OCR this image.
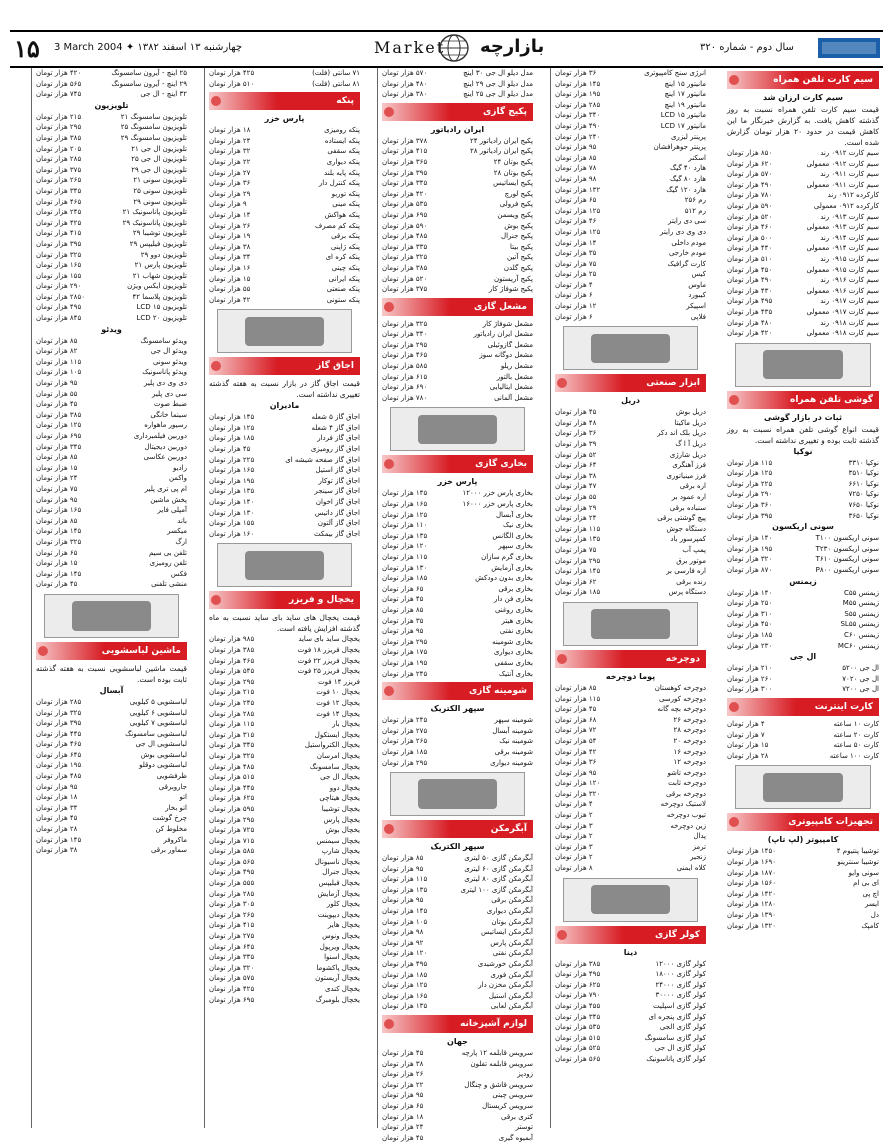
۱۵ 3 March 2004 ✦ چهارشنبه ۱۳ اسفند ۱۳۸۲	Market بازارچه	سال دوم - شماره ۳۲۰
سیم کارت تلفن همراه
سیم کارت ارزان شد
قیمت سیم کارت تلفن همراه نسبت به روز گذشته کاهش یافت. به گزارش خبرنگار ما این کاهش قیمت در حدود ۲۰ هزار تومان گزارش شده است.
سیم کارت ۰۹۱۲ رند
۸۵۰ هزار تومان
سیم کارت ۰۹۱۲ معمولی
۶۲۰ هزار تومان
سیم کارت ۰۹۱۱ رند
۵۷۰ هزار تومان
سیم کارت ۰۹۱۱ معمولی
۴۹۰ هزار تومان
کارکرده ۰۹۱۲ رند
۷۸۰ هزار تومان
کارکرده ۰۹۱۲ معمولی
۵۹۰ هزار تومان
سیم کارت ۰۹۱۳ رند
۵۲۰ هزار تومان
سیم کارت ۰۹۱۳ معمولی
۴۶۰ هزار تومان
سیم کارت ۰۹۱۴ رند
۵۰۰ هزار تومان
سیم کارت ۰۹۱۴ معمولی
۴۴۰ هزار تومان
سیم کارت ۰۹۱۵ رند
۵۱۰ هزار تومان
سیم کارت ۰۹۱۵ معمولی
۴۵۰ هزار تومان
سیم کارت ۰۹۱۶ رند
۴۹۰ هزار تومان
سیم کارت ۰۹۱۶ معمولی
۴۳۰ هزار تومان
سیم کارت ۰۹۱۷ رند
۴۹۵ هزار تومان
سیم کارت ۰۹۱۷ معمولی
۴۳۵ هزار تومان
سیم کارت ۰۹۱۸ رند
۴۸۰ هزار تومان
سیم کارت ۰۹۱۸ معمولی
۴۲۰ هزار تومان
گوشی تلفن همراه
ثبات در بازار گوشی
قیمت انواع گوشی تلفن همراه نسبت به روز گذشته ثابت بوده و تغییری نداشته است.
نوکیا
نوکیا ۳۳۱۰
۱۱۵ هزار تومان
نوکیا ۳۵۱۰
۱۲۵ هزار تومان
نوکیا ۶۶۱۰
۲۲۵ هزار تومان
نوکیا ۷۲۵۰
۲۹۰ هزار تومان
نوکیا ۷۶۵۰
۳۶۰ هزار تومان
نوکیا ۳۶۵۰
۳۹۵ هزار تومان
سونی اریکسون
سونی اریکسون T۱۰۰
۱۴۰ هزار تومان
سونی اریکسون T۲۳۰
۱۹۵ هزار تومان
سونی اریکسون T۶۱۰
۳۲۰ هزار تومان
سونی اریکسون P۸۰۰
۸۷۰ هزار تومان
زیمنس
زیمنس C۵۵
۱۴۰ هزار تومان
زیمنس M۵۵
۲۵۰ هزار تومان
زیمنس S۵۵
۳۱۰ هزار تومان
زیمنس SL۵۵
۴۵۰ هزار تومان
زیمنس C۶۰
۱۸۵ هزار تومان
زیمنس MC۶۰
۲۳۰ هزار تومان
ال جی
ال جی ۵۲۰۰
۲۱۰ هزار تومان
ال جی ۷۰۲۰
۲۶۰ هزار تومان
ال جی ۷۲۰۰
۳۰۰ هزار تومان
کارت اینترنت
کارت ۱۰ ساعته
۴ هزار تومان
کارت ۲۰ ساعته
۷ هزار تومان
کارت ۵۰ ساعته
۱۵ هزار تومان
کارت ۱۰۰ ساعته
۲۸ هزار تومان
تجهیزات کامپیوتری
کامپیوتر (لپ تاپ)
توشیبا پنتیوم ۴
۱۴۵۰ هزار تومان
توشیبا سنترینو
۱۶۹۰ هزار تومان
سونی وایو
۱۸۷۰ هزار تومان
ای بی ام
۱۵۶۰ هزار تومان
اچ پی
۱۴۲۰ هزار تومان
ایسر
۱۲۸۰ هزار تومان
دل
۱۳۹۰ هزار تومان
کامپک
۱۳۲۰ هزار تومان
انرژی سنج کامپیوتری
۳۶ هزار تومان
مانیتور ۱۵ اینچ
۱۴۵ هزار تومان
مانیتور ۱۷ اینچ
۱۹۵ هزار تومان
مانیتور ۱۹ اینچ
۲۸۵ هزار تومان
مانیتور LCD ۱۵
۳۴۰ هزار تومان
مانیتور LCD ۱۷
۴۹۰ هزار تومان
پرینتر لیزری
۲۴۰ هزار تومان
پرینتر جوهرافشان
۹۵ هزار تومان
اسکنر
۸۵ هزار تومان
هارد ۴۰ گیگ
۷۸ هزار تومان
هارد ۸۰ گیگ
۹۸ هزار تومان
هارد ۱۲۰ گیگ
۱۳۲ هزار تومان
رم ۲۵۶
۶۵ هزار تومان
رم ۵۱۲
۱۲۵ هزار تومان
سی دی رایتر
۴۶ هزار تومان
دی وی دی رایتر
۱۲۵ هزار تومان
مودم داخلی
۱۴ هزار تومان
مودم خارجی
۳۵ هزار تومان
کارت گرافیک
۷۵ هزار تومان
کیس
۲۵ هزار تومان
ماوس
۴ هزار تومان
کیبورد
۶ هزار تومان
اسپیکر
۱۲ هزار تومان
فلاپی
۶ هزار تومان
ابزار صنعتی
دریل
دریل بوش
۴۵ هزار تومان
دریل ماکیتا
۴۸ هزار تومان
دریل بلک اند دکر
۳۶ هزار تومان
دریل آ ا گ
۳۹ هزار تومان
دریل شارژی
۵۲ هزار تومان
فرز آهنگری
۶۴ هزار تومان
فرز مینیاتوری
۳۸ هزار تومان
اره برقی
۴۷ هزار تومان
اره عمود بر
۵۵ هزار تومان
سنباده برقی
۲۹ هزار تومان
پیچ گوشتی برقی
۲۴ هزار تومان
دستگاه جوش
۱۱۵ هزار تومان
کمپرسور باد
۱۳۵ هزار تومان
پمپ آب
۷۵ هزار تومان
موتور برق
۲۹۵ هزار تومان
اره فارسی بر
۱۴۵ هزار تومان
رنده برقی
۶۲ هزار تومان
دستگاه پرس
۱۸۵ هزار تومان
دوچرخه
پوما دوچرخه
دوچرخه کوهستان
۸۵ هزار تومان
دوچرخه کورسی
۱۱۵ هزار تومان
دوچرخه بچه گانه
۴۵ هزار تومان
دوچرخه ۲۶
۶۸ هزار تومان
دوچرخه ۲۸
۷۲ هزار تومان
دوچرخه ۲۰
۵۴ هزار تومان
دوچرخه ۱۶
۴۲ هزار تومان
دوچرخه ۱۲
۳۶ هزار تومان
دوچرخه تاشو
۹۵ هزار تومان
دوچرخه ثابت
۱۲۰ هزار تومان
دوچرخه برقی
۳۲۰ هزار تومان
لاستیک دوچرخه
۴ هزار تومان
تیوب دوچرخه
۲ هزار تومان
زین دوچرخه
۳ هزار تومان
پدال
۲ هزار تومان
ترمز
۳ هزار تومان
زنجیر
۲ هزار تومان
کلاه ایمنی
۸ هزار تومان
کولر گازی
دینا
کولر گازی ۱۲۰۰۰
۳۸۵ هزار تومان
کولر گازی ۱۸۰۰۰
۴۹۵ هزار تومان
کولر گازی ۲۴۰۰۰
۶۲۵ هزار تومان
کولر گازی ۳۰۰۰۰
۷۹۰ هزار تومان
کولر گازی اسپلیت
۴۵۵ هزار تومان
کولر گازی پنجره ای
۳۴۵ هزار تومان
کولر گازی الجی
۵۳۵ هزار تومان
کولر گازی سامسونگ
۵۱۵ هزار تومان
کولر گازی ال جی
۵۲۵ هزار تومان
کولر گازی پاناسونیک
۵۶۵ هزار تومان
مدل دیلو ال جی ۳۰ اینچ
۵۷۰ هزار تومان
مدل دیلو ال جی ۲۹ اینچ
۴۸۰ هزار تومان
مدل دیلو ال جی ۲۵ اینچ
۳۸۰ هزار تومان
پکیج گازی
ایران رادیاتور
پکیج ایران رادیاتور ۲۴
۳۷۸ هزار تومان
پکیج ایران رادیاتور ۲۸
۴۱۵ هزار تومان
پکیج بوتان ۲۴
۳۶۵ هزار تومان
پکیج بوتان ۲۸
۳۹۵ هزار تومان
پکیج ایساتیس
۳۴۵ هزار تومان
پکیج لورچ
۴۲۰ هزار تومان
پکیج فرولی
۵۳۵ هزار تومان
پکیج ویسمن
۶۹۵ هزار تومان
پکیج بوش
۵۹۰ هزار تومان
پکیج جنرال
۴۸۵ هزار تومان
پکیج بیتا
۳۳۵ هزار تومان
پکیج آتین
۳۲۵ هزار تومان
پکیج گلدن
۳۸۵ هزار تومان
پکیج آریستون
۵۲۰ هزار تومان
پکیج شوفاژ کار
۳۷۵ هزار تومان
مشعل گازی
مشعل شوفاژ کار
۳۲۵ هزار تومان
مشعل ایران رادیاتور
۳۴۰ هزار تومان
مشعل گازوئیلی
۲۹۵ هزار تومان
مشعل دوگانه سوز
۴۶۵ هزار تومان
مشعل ریلو
۵۸۵ هزار تومان
مشعل بالتور
۶۱۵ هزار تومان
مشعل ایتالیایی
۶۹۰ هزار تومان
مشعل آلمانی
۷۸۰ هزار تومان
بخاری گازی
پارس خزر
بخاری پارس خزر ۱۲۰۰۰
۱۴۵ هزار تومان
بخاری پارس خزر ۱۶۰۰۰
۱۶۵ هزار تومان
بخاری آبسال
۱۲۵ هزار تومان
بخاری نیک
۱۱۰ هزار تومان
بخاری الگانس
۱۳۵ هزار تومان
بخاری سپهر
۱۲۰ هزار تومان
بخاری گرم سازان
۱۱۵ هزار تومان
بخاری آزمایش
۱۳۰ هزار تومان
بخاری بدون دودکش
۱۸۵ هزار تومان
بخاری برقی
۶۵ هزار تومان
بخاری فن دار
۴۵ هزار تومان
بخاری روغنی
۸۵ هزار تومان
بخاری هیتر
۳۵ هزار تومان
بخاری نفتی
۹۵ هزار تومان
بخاری شومینه
۲۹۵ هزار تومان
بخاری دیواری
۱۷۵ هزار تومان
بخاری سقفی
۱۹۵ هزار تومان
بخاری آنتیک
۲۴۵ هزار تومان
شومینه گازی
سپهر الکتریک
شومینه سپهر
۲۴۵ هزار تومان
شومینه آبسال
۲۷۵ هزار تومان
شومینه نیک
۲۶۵ هزار تومان
شومینه برقی
۱۸۵ هزار تومان
شومینه دیواری
۲۹۵ هزار تومان
آبگرمکن
سپهر الکتریک
آبگرمکن گازی ۵۰ لیتری
۸۵ هزار تومان
آبگرمکن گازی ۶۰ لیتری
۹۵ هزار تومان
آبگرمکن گازی ۸۰ لیتری
۱۱۵ هزار تومان
آبگرمکن گازی ۱۰۰ لیتری
۱۳۵ هزار تومان
آبگرمکن برقی
۹۵ هزار تومان
آبگرمکن دیواری
۱۴۵ هزار تومان
آبگرمکن بوتان
۱۰۵ هزار تومان
آبگرمکن ایساتیس
۹۸ هزار تومان
آبگرمکن پارس
۹۲ هزار تومان
آبگرمکن نفتی
۱۲۰ هزار تومان
آبگرمکن خورشیدی
۴۹۵ هزار تومان
آبگرمکن فوری
۱۸۵ هزار تومان
آبگرمکن مخزن دار
۱۲۵ هزار تومان
آبگرمکن استیل
۱۶۵ هزار تومان
آبگرمکن لعابی
۱۳۵ هزار تومان
لوازم آشپزخانه
جهان
سرویس قابلمه ۱۲ پارچه
۴۵ هزار تومان
سرویس قابلمه تفلون
۳۸ هزار تومان
زودپز
۲۶ هزار تومان
سرویس قاشق و چنگال
۲۲ هزار تومان
سرویس چینی
۹۵ هزار تومان
سرویس کریستال
۶۵ هزار تومان
کتری برقی
۱۸ هزار تومان
توستر
۲۴ هزار تومان
آبمیوه گیری
۴۵ هزار تومان
۷۱ سانتی (فلت)
۴۲۵ هزار تومان
۸۱ سانتی (فلت)
۵۱۰ هزار تومان
پنکه
پارس خزر
پنکه رومیزی
۱۸ هزار تومان
پنکه ایستاده
۲۴ هزار تومان
پنکه سقفی
۳۲ هزار تومان
پنکه دیواری
۲۲ هزار تومان
پنکه پایه بلند
۲۷ هزار تومان
پنکه کنترل دار
۳۶ هزار تومان
پنکه توربو
۲۹ هزار تومان
پنکه مینی
۹ هزار تومان
پنکه هواکش
۱۴ هزار تومان
پنکه کم مصرف
۲۶ هزار تومان
پنکه برقی
۱۹ هزار تومان
پنکه ژاپنی
۳۸ هزار تومان
پنکه کره ای
۳۴ هزار تومان
پنکه چینی
۱۶ هزار تومان
پنکه ایرانی
۱۵ هزار تومان
پنکه صنعتی
۵۵ هزار تومان
پنکه ستونی
۴۲ هزار تومان
اجاق گاز
قیمت اجاق گاز در بازار نسبت به هفته گذشته تغییری نداشته است.
مادیران
اجاق گاز ۵ شعله
۱۴۵ هزار تومان
اجاق گاز ۴ شعله
۱۲۵ هزار تومان
اجاق گاز فردار
۱۸۵ هزار تومان
اجاق گاز رومیزی
۴۵ هزار تومان
اجاق گاز صفحه شیشه ای
۲۲۵ هزار تومان
اجاق گاز استیل
۱۶۵ هزار تومان
اجاق گاز توکار
۱۹۵ هزار تومان
اجاق گاز سینجر
۱۳۵ هزار تومان
اجاق گاز اخوان
۱۴۰ هزار تومان
اجاق گاز داتیس
۱۳۰ هزار تومان
اجاق گاز آلتون
۱۵۵ هزار تومان
اجاق گاز بیمکث
۱۶۰ هزار تومان
یخچال و فریزر
قیمت یخچال های ساید بای ساید نسبت به ماه گذشته افزایش یافته است.
یخچال ساید بای ساید
۹۸۵ هزار تومان
یخچال فریزر ۱۸ فوت
۳۸۵ هزار تومان
یخچال فریزر ۲۲ فوت
۴۶۵ هزار تومان
یخچال فریزر ۲۵ فوت
۵۴۵ هزار تومان
فریزر ۱۴ فوت
۲۹۵ هزار تومان
یخچال ۱۰ فوت
۲۱۵ هزار تومان
یخچال ۱۲ فوت
۲۴۵ هزار تومان
یخچال ۱۴ فوت
۲۸۵ هزار تومان
یخچال بار
۱۱۵ هزار تومان
یخچال ایستکول
۳۱۵ هزار تومان
یخچال الکترواستیل
۳۴۵ هزار تومان
یخچال امرسان
۳۲۵ هزار تومان
یخچال سامسونگ
۴۸۵ هزار تومان
یخچال ال جی
۵۱۵ هزار تومان
یخچال دوو
۴۴۵ هزار تومان
یخچال هیتاچی
۶۲۵ هزار تومان
یخچال توشیبا
۵۹۵ هزار تومان
یخچال پارس
۲۹۵ هزار تومان
یخچال بوش
۷۲۵ هزار تومان
یخچال سیمنس
۷۱۵ هزار تومان
یخچال شارپ
۵۸۵ هزار تومان
یخچال ناسیونال
۵۶۵ هزار تومان
یخچال جنرال
۴۹۵ هزار تومان
یخچال فیلیپس
۵۵۵ هزار تومان
یخچال آزمایش
۲۸۵ هزار تومان
یخچال کلور
۳۰۵ هزار تومان
یخچال دیپوینت
۲۶۵ هزار تومان
یخچال هایر
۴۱۵ هزار تومان
یخچال ونوس
۲۷۵ هزار تومان
یخچال ویرپول
۶۴۵ هزار تومان
یخچال اسنوا
۳۳۵ هزار تومان
یخچال پاکشوما
۳۲۰ هزار تومان
یخچال آریستون
۵۷۵ هزار تومان
یخچال کندی
۴۲۵ هزار تومان
یخچال بلومبرگ
۶۹۵ هزار تومان
۲۵ اینچ - آیرون سامسونگ
۴۲۰ هزار تومان
۲۹ اینچ - آیرون سامسونگ
۵۶۵ هزار تومان
۳۲ اینچ - ال جی
۷۴۵ هزار تومان
تلویزیون
تلویزیون سامسونگ ۲۱
۲۱۵ هزار تومان
تلویزیون سامسونگ ۲۵
۲۹۵ هزار تومان
تلویزیون سامسونگ ۲۹
۳۸۵ هزار تومان
تلویزیون ال جی ۲۱
۲۰۵ هزار تومان
تلویزیون ال جی ۲۵
۲۸۵ هزار تومان
تلویزیون ال جی ۲۹
۳۷۵ هزار تومان
تلویزیون سونی ۲۱
۲۶۵ هزار تومان
تلویزیون سونی ۲۵
۳۴۵ هزار تومان
تلویزیون سونی ۲۹
۴۶۵ هزار تومان
تلویزیون پاناسونیک ۲۱
۲۴۵ هزار تومان
تلویزیون پاناسونیک ۲۹
۴۲۵ هزار تومان
تلویزیون توشیبا ۲۹
۴۱۵ هزار تومان
تلویزیون فیلیپس ۲۹
۳۹۵ هزار تومان
تلویزیون دوو ۲۹
۳۲۵ هزار تومان
تلویزیون پارس ۲۱
۱۶۵ هزار تومان
تلویزیون شهاب ۲۱
۱۵۵ هزار تومان
تلویزیون ایکس ویژن
۲۹۰ هزار تومان
تلویزیون پلاسما ۴۲
۲۸۵۰ هزار تومان
تلویزیون LCD ۱۵
۴۹۵ هزار تومان
تلویزیون LCD ۲۰
۸۴۵ هزار تومان
ویدئو
ویدئو سامسونگ
۸۵ هزار تومان
ویدئو ال جی
۸۲ هزار تومان
ویدئو سونی
۱۱۵ هزار تومان
ویدئو پاناسونیک
۱۰۵ هزار تومان
دی وی دی پلیر
۹۵ هزار تومان
سی دی پلیر
۵۵ هزار تومان
ضبط صوت
۴۵ هزار تومان
سینما خانگی
۳۸۵ هزار تومان
رسیور ماهواره
۱۲۵ هزار تومان
دوربین فیلمبرداری
۶۹۵ هزار تومان
دوربین دیجیتال
۳۴۵ هزار تومان
دوربین عکاسی
۸۵ هزار تومان
رادیو
۱۵ هزار تومان
واکمن
۲۴ هزار تومان
ام پی تری پلیر
۷۵ هزار تومان
پخش ماشین
۹۵ هزار تومان
آمپلی فایر
۱۶۵ هزار تومان
باند
۸۵ هزار تومان
میکسر
۱۴۵ هزار تومان
ارگ
۳۲۵ هزار تومان
تلفن بی سیم
۶۵ هزار تومان
تلفن رومیزی
۱۵ هزار تومان
فکس
۱۴۵ هزار تومان
منشی تلفنی
۴۵ هزار تومان
ماشین لباسشویی
قیمت ماشین لباسشویی نسبت به هفته گذشته ثابت بوده است.
آبسال
لباسشویی ۵ کیلویی
۲۸۵ هزار تومان
لباسشویی ۶ کیلویی
۳۲۵ هزار تومان
لباسشویی ۷ کیلویی
۳۹۵ هزار تومان
لباسشویی سامسونگ
۴۴۵ هزار تومان
لباسشویی ال جی
۴۶۵ هزار تومان
لباسشویی بوش
۶۴۵ هزار تومان
لباسشویی دوقلو
۱۹۵ هزار تومان
ظرفشویی
۴۸۵ هزار تومان
جاروبرقی
۹۵ هزار تومان
اتو
۱۸ هزار تومان
اتو بخار
۳۴ هزار تومان
چرخ گوشت
۴۵ هزار تومان
مخلوط کن
۲۸ هزار تومان
ماکروفر
۱۴۵ هزار تومان
سماور برقی
۳۸ هزار تومان
